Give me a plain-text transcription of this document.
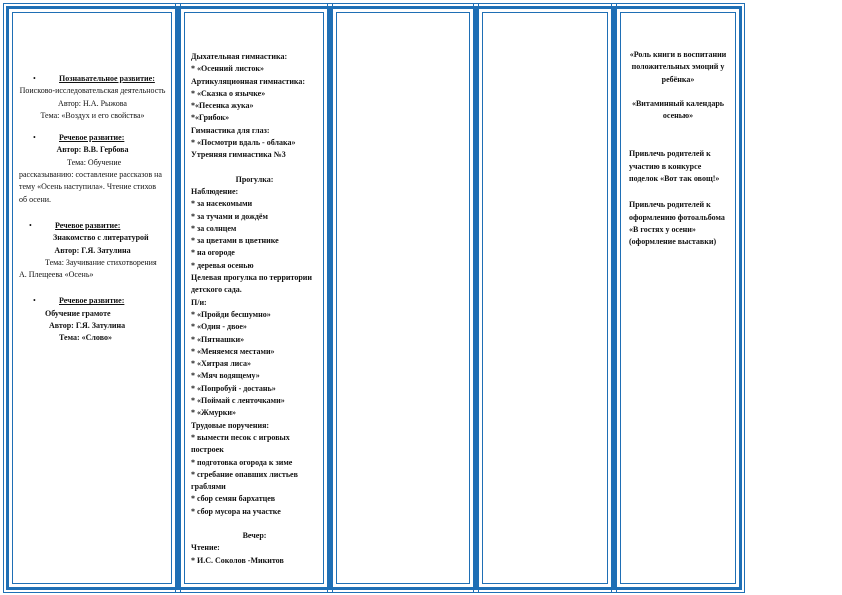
•	Познавательное развитие:
Поисково-исследовательская деятельность
Автор: Н.А. Рыжова
Тема: «Воздух и его свойства»
•	Речевое развитие:
Автор: В.В. Гербова
Тема: Обучение рассказыванию: составление рассказов на тему «Осень наступила». Чтение стихов об осени.
•	Речевое развитие:
Знакомство с литературой
Автор: Г.Я. Затулина
Тема: Заучивание стихотворения А. Плещеева «Осень»
•	Речевое развитие:
Обучение грамоте
Автор: Г.Я. Затулина
Тема: «Слово»
Дыхательная гимнастика:
* «Осенний листок»
Артикуляционная гимнастика:
* «Сказка о язычке»
*«Песенка жука»
*«Грибок»
Гимнастика для глаз:
* «Посмотри вдаль - облака»
Утренняя гимнастика №3
Прогулка:
Наблюдение:
* за насекомыми
* за тучами и дождём
* за солнцем
* за цветами в цветнике
* на огороде
* деревья осенью
Целевая прогулка по территории детского сада.
П/и:
* «Пройди бесшумно»
* «Один - двое»
* «Пятнашки»
* «Меняемся местами»
* «Хитрая лиса»
* «Мяч водящему»
* «Попробуй - достань»
* «Поймай с ленточками»
* «Жмурки»
Трудовые поручения:
* вымести песок с игровых построек
* подготовка огорода к зиме
* сгребание опавших листьев граблями
* сбор семян бархатцев
* сбор мусора на участке
Вечер:
Чтение:
* И.С. Соколов -Микитов
«Роль книги в воспитании положительных эмоций у ребёнка»
«Витаминный календарь осенью»
Привлечь родителей к участию в конкурсе поделок «Вот так овощ!»
Привлечь родителей к оформлению фотоальбома «В гостях у осени» (оформление выставки)
